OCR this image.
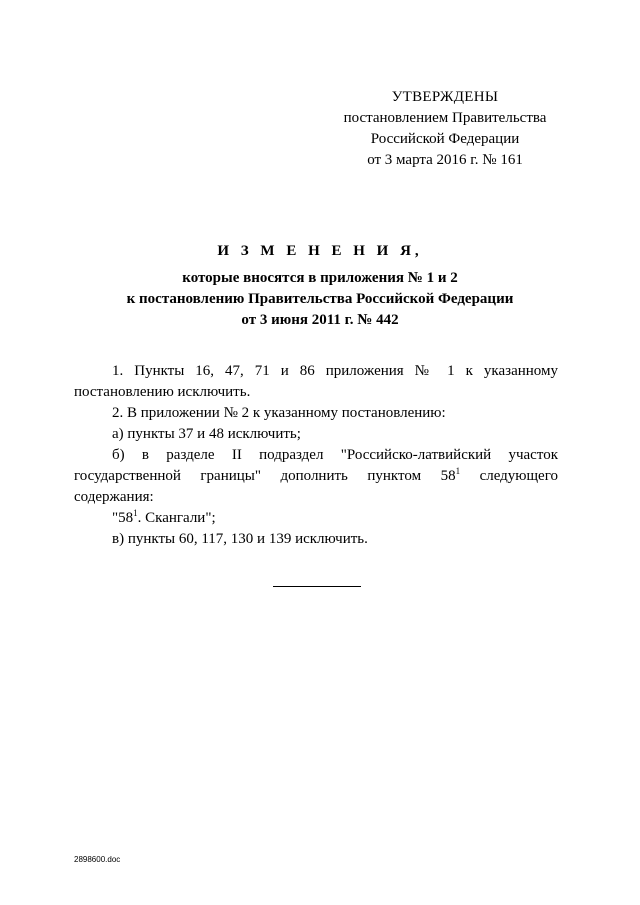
УТВЕРЖДЕНЫ
постановлением Правительства
Российской Федерации
от 3 марта 2016 г. № 161
И З М Е Н Е Н И Я,
которые вносятся в приложения № 1 и 2
к постановлению Правительства Российской Федерации
от 3 июня 2011 г. № 442

1. Пункты 16, 47, 71 и 86 приложения № 1 к указанному

постановлению исключить.

2. В приложении № 2 к указанному постановлению:

а) пункты 37 и 48 исключить;

б) в разделе II подраздел "Российско-латвийский участок

государственной границы" дополнить пунктом $58^1$ следующего

содержания:

"$58^1$. Скангали";

в) пункты 60, 117, 130 и 139 исключить.

2898600.doc
